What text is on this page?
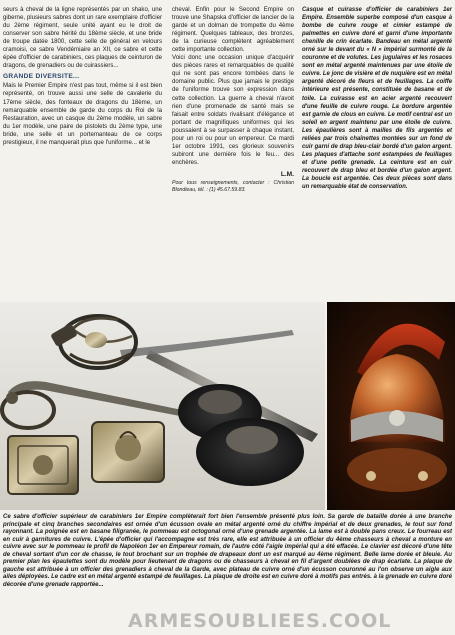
seurs à cheval de la ligne représentés par un shako, une giberne, plusieurs sabres dont un rare exemplaire d'officier du 2ème régiment, seule unité ayant eu le droit de conserver son sabre hérité du 18ème siècle, et une bride de troupe datée 1800, cette selle de général en velours cramoisi, ce sabre Vendémiaire an XII, ce sabre et cette épée d'officier de carabiniers, ces plaques de ceinturon de dragons, de grenadiers ou de cuirassiers...

GRANDE DIVERSITE...

Mais le Premier Empire n'est pas tout, même si il est bien représenté, on trouve aussi une selle de cavalerie du 17ème siècle, des fonteaux de dragons du 18ème, un remarquable ensemble de garde du corps du Roi de la Restauration, avec un casque du 2ème modèle, un sabre du 1er modèle, une paire de pistolets du 2ème type, une bride, une selle et un portemanteau de ce corps prestigieux, il ne manquerait plus que l'uniforme... et le

cheval. Enfin pour le Second Empire on trouve une Shapska d'officier de lancier de la garde et un dolman de trompette du 4ème régiment. Quelques tableaux, des bronzes, de la curieuse complètent agréablement cette importante collection.
Voici donc une occasion unique d'acquérir des pièces rares et remarquables de qualité qui ne sont pas encore tombées dans le domaine public. Plus que jamais le prestige de l'uniforme trouve son expression dans cette collection. La guerre à cheval n'avoit rien d'une promenade de santé mais se faisait entre soldats rivalisant d'élégance et portant de magnifiques uniformes qui les poussaient à se surpasser à chaque instant, pour un roi ou pour un empereur. Ce mardi 1er octobre 1991, ces glorieux souvenirs subiront une dernière fois le feu... des enchères.

L.M.
Pour tous renseignements, contacter : Christian Blondieau, tél. : (1) 45.67.59.83.

Casque et cuirasse d'officier de carabiniers 1er Empire. Ensemble superbe composé d'un casque à bombe de cuivre rouge et cimier estampé de palmettes en cuivre doré et garni d'une importante chenille de crin écarlate. Bandeau en métal argenté orné sur le devant du « N » impérial surmonté de la couronne et de volutes. Les jugulaires et les rosaces sont en métal argenté maintenues par une étoile de cuivre. Le jonc de visière et de nuquière est en métal argenté décoré de fleurs et de feuillages. La coiffe intérieure est présente, constituée de basane et de toile. La cuirasse est en acier argenté recouvert d'une feuille de cuivre rouge. La bordure argentée est garnie de clous en cuivre. Le motif central est un soleil en argent maintenu par une étoile de cuivre. Les épaulières sont à mailles de fils argentés et reliées par trois chaînettes montées sur un fond de cuir garni de drap bleu-clair bordé d'un galon argent. Les plaques d'attache sont estampées de feuillages et d'une petite grenade. La ceinture est en cuir recouvert de drap bleu et bordée d'un galon argent. La boucle est argentée. Ces deux pièces sont dans un remarquable état de conservation.

Ce sabre d'officier supérieur de carabiniers 1er Empire complèterait fort bien l'ensemble présenté plus loin. Sa garde de bataille dorée à une branche principale et cinq branches secondaires est ornée d'un écusson ovale en métal argenté orné du chiffre impérial et de deux grenades, le tout sur fond rayonnant. La poignée est en basane filigranée, le pommeau est octogonal orné d'une grenade argentée. La lame est à double pans creux. Le fourreau est en cuir à garnitures de cuivre. L'épée d'officier qui l'accompagne est très rare, elle est attribuée à un officier du 4ème chasseurs à cheval a monture en cuivre avec sur le pommeau le profil de Napoléon 1er en Empereur romain, de l'autre côté l'aigle impérial qui a été effacée. Le clavier est décoré d'une tête de cheval sortant d'un cor de chasse, le tout brochant sur un trophée de drapeaux dont un est marqué au 4ème régiment. Belle lame dorée et bleuie. Au premier plan les épaulettes sont du modèle pour lieutenant de dragons ou de chasseurs à cheval en fil d'argent doublées de drap écarlate. La plaque de gauche est attribuée à un officier des grenadiers à cheval de la Garde, avec plateau de cuivre orné d'un écusson couronné au l'on observe un aigle aux ailes déployées. Le cadre est en métal argenté estampé de feuillages. La plaque de droite est en cuivre doré à motifs pas entrés. à la grenade en cuivre doré décorée d'une grenade rapportée...
ARMESOUBLIEES.COOL
